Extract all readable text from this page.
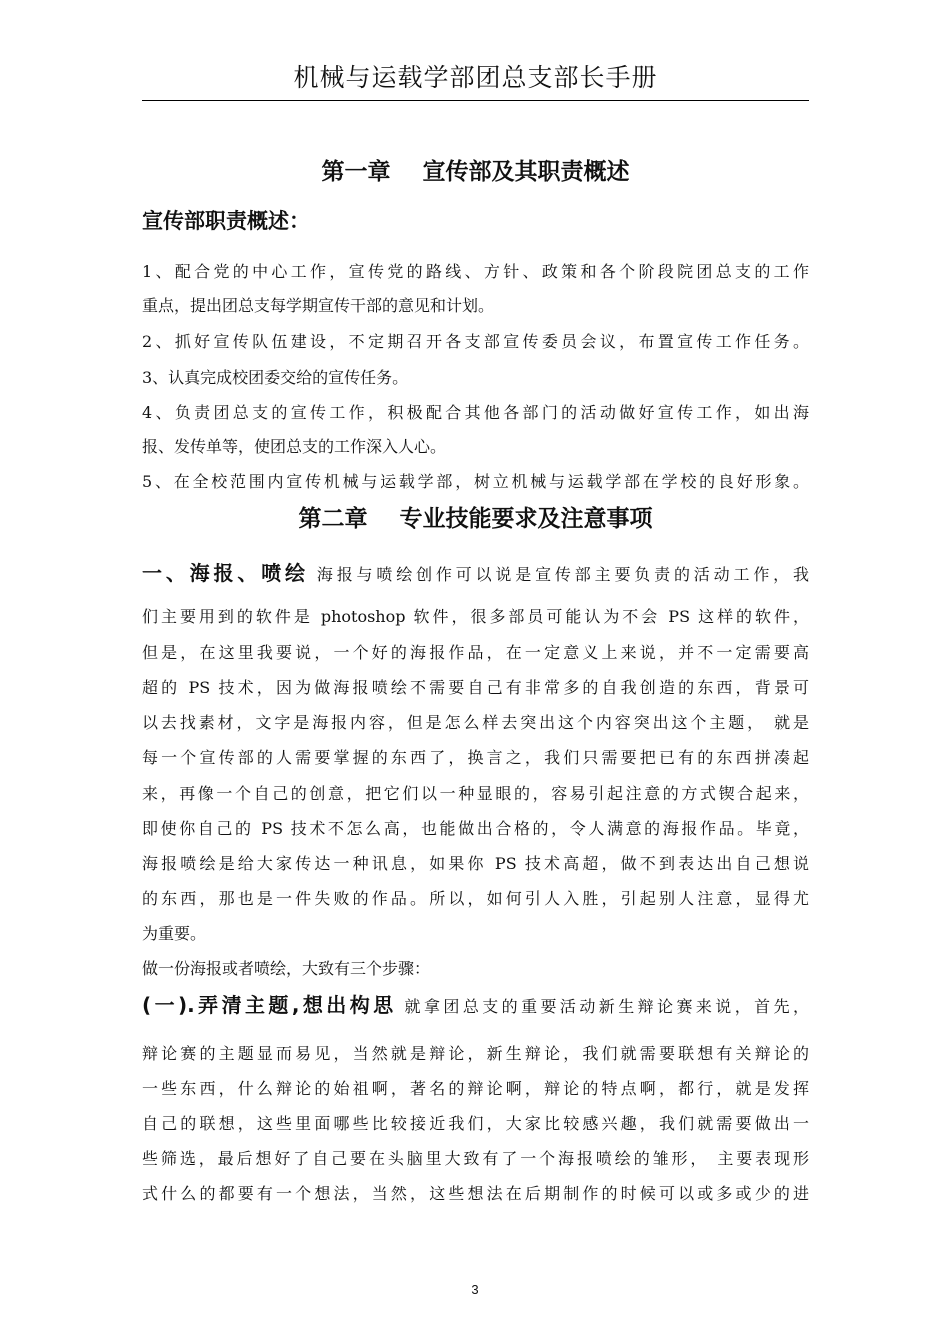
机械与运载学部团总支部长手册
第一章    宣传部及其职责概述
宣传部职责概述：
1、配合党的中心工作，宣传党的路线、方针、政策和各个阶段院团总支的工作
重点，提出团总支每学期宣传干部的意见和计划。
2、抓好宣传队伍建设，不定期召开各支部宣传委员会议，布置宣传工作任务。
3、认真完成校团委交给的宣传任务。
4、负责团总支的宣传工作，积极配合其他各部门的活动做好宣传工作，如出海
报、发传单等，使团总支的工作深入人心。
5、在全校范围内宣传机械与运载学部，树立机械与运载学部在学校的良好形象。
第二章    专业技能要求及注意事项
一、海报、喷绘 海报与喷绘创作可以说是宣传部主要负责的活动工作，我
们主要用到的软件是 photoshop 软件，很多部员可能认为不会 PS 这样的软件，
但是，在这里我要说，一个好的海报作品，在一定意义上来说，并不一定需要高
超的 PS 技术，因为做海报喷绘不需要自己有非常多的自我创造的东西，背景可
以去找素材，文字是海报内容，但是怎么样去突出这个内容突出这个主题， 就是
每一个宣传部的人需要掌握的东西了，换言之，我们只需要把已有的东西拼凑起
来，再像一个自己的创意，把它们以一种显眼的，容易引起注意的方式锲合起来，
即使你自己的 PS 技术不怎么高，也能做出合格的，令人满意的海报作品。毕竟，
海报喷绘是给大家传达一种讯息，如果你 PS 技术高超，做不到表达出自己想说
的东西，那也是一件失败的作品。所以，如何引人入胜，引起别人注意，显得尤
为重要。
做一份海报或者喷绘，大致有三个步骤：
(一).弄清主题,想出构思 就拿团总支的重要活动新生辩论赛来说，首先，
辩论赛的主题显而易见，当然就是辩论，新生辩论，我们就需要联想有关辩论的
一些东西，什么辩论的始祖啊，著名的辩论啊，辩论的特点啊，都行，就是发挥
自己的联想，这些里面哪些比较接近我们，大家比较感兴趣，我们就需要做出一
些筛选，最后想好了自己要在头脑里大致有了一个海报喷绘的雏形， 主要表现形
式什么的都要有一个想法，当然，这些想法在后期制作的时候可以或多或少的进
3
